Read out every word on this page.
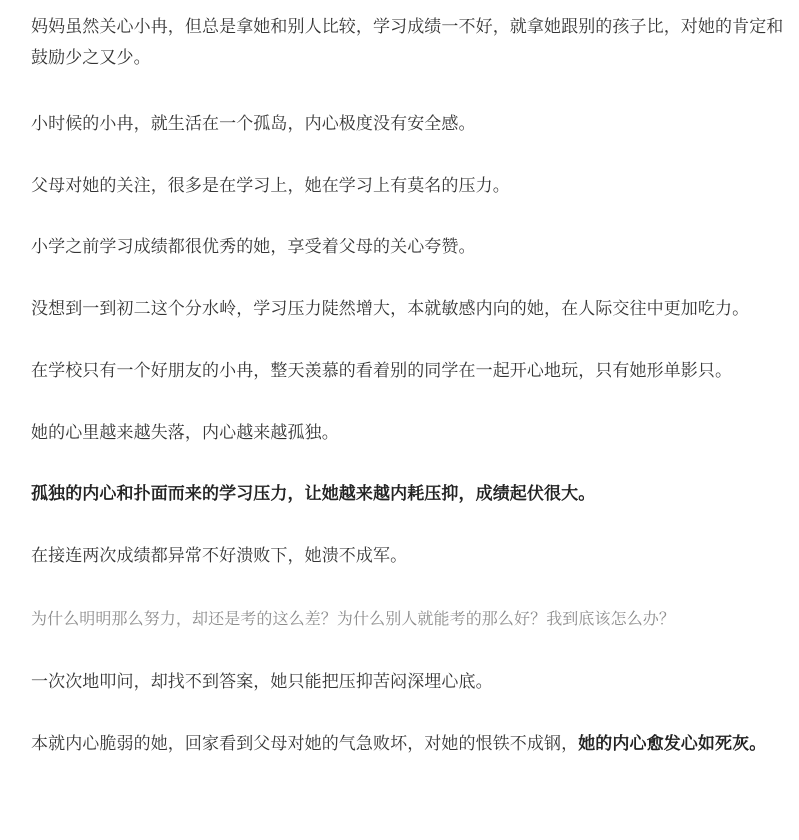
妈妈虽然关心小冉，但总是拿她和别人比较，学习成绩一不好，就拿她跟别的孩子比，对她的肯定和鼓励少之又少。

小时候的小冉，就生活在一个孤岛，内心极度没有安全感。

父母对她的关注，很多是在学习上，她在学习上有莫名的压力。

小学之前学习成绩都很优秀的她，享受着父母的关心夸赞。

没想到一到初二这个分水岭，学习压力陡然增大，本就敏感内向的她，在人际交往中更加吃力。

在学校只有一个好朋友的小冉，整天羡慕的看着别的同学在一起开心地玩，只有她形单影只。

她的心里越来越失落，内心越来越孤独。

孤独的内心和扑面而来的学习压力，让她越来越内耗压抑，成绩起伏很大。

在接连两次成绩都异常不好溃败下，她溃不成军。

为什么明明那么努力，却还是考的这么差？为什么别人就能考的那么好？我到底该怎么办？

一次次地叩问，却找不到答案，她只能把压抑苦闷深埋心底。

本就内心脆弱的她，回家看到父母对她的气急败坏，对她的恨铁不成钢，她的内心愈发心如死灰。
